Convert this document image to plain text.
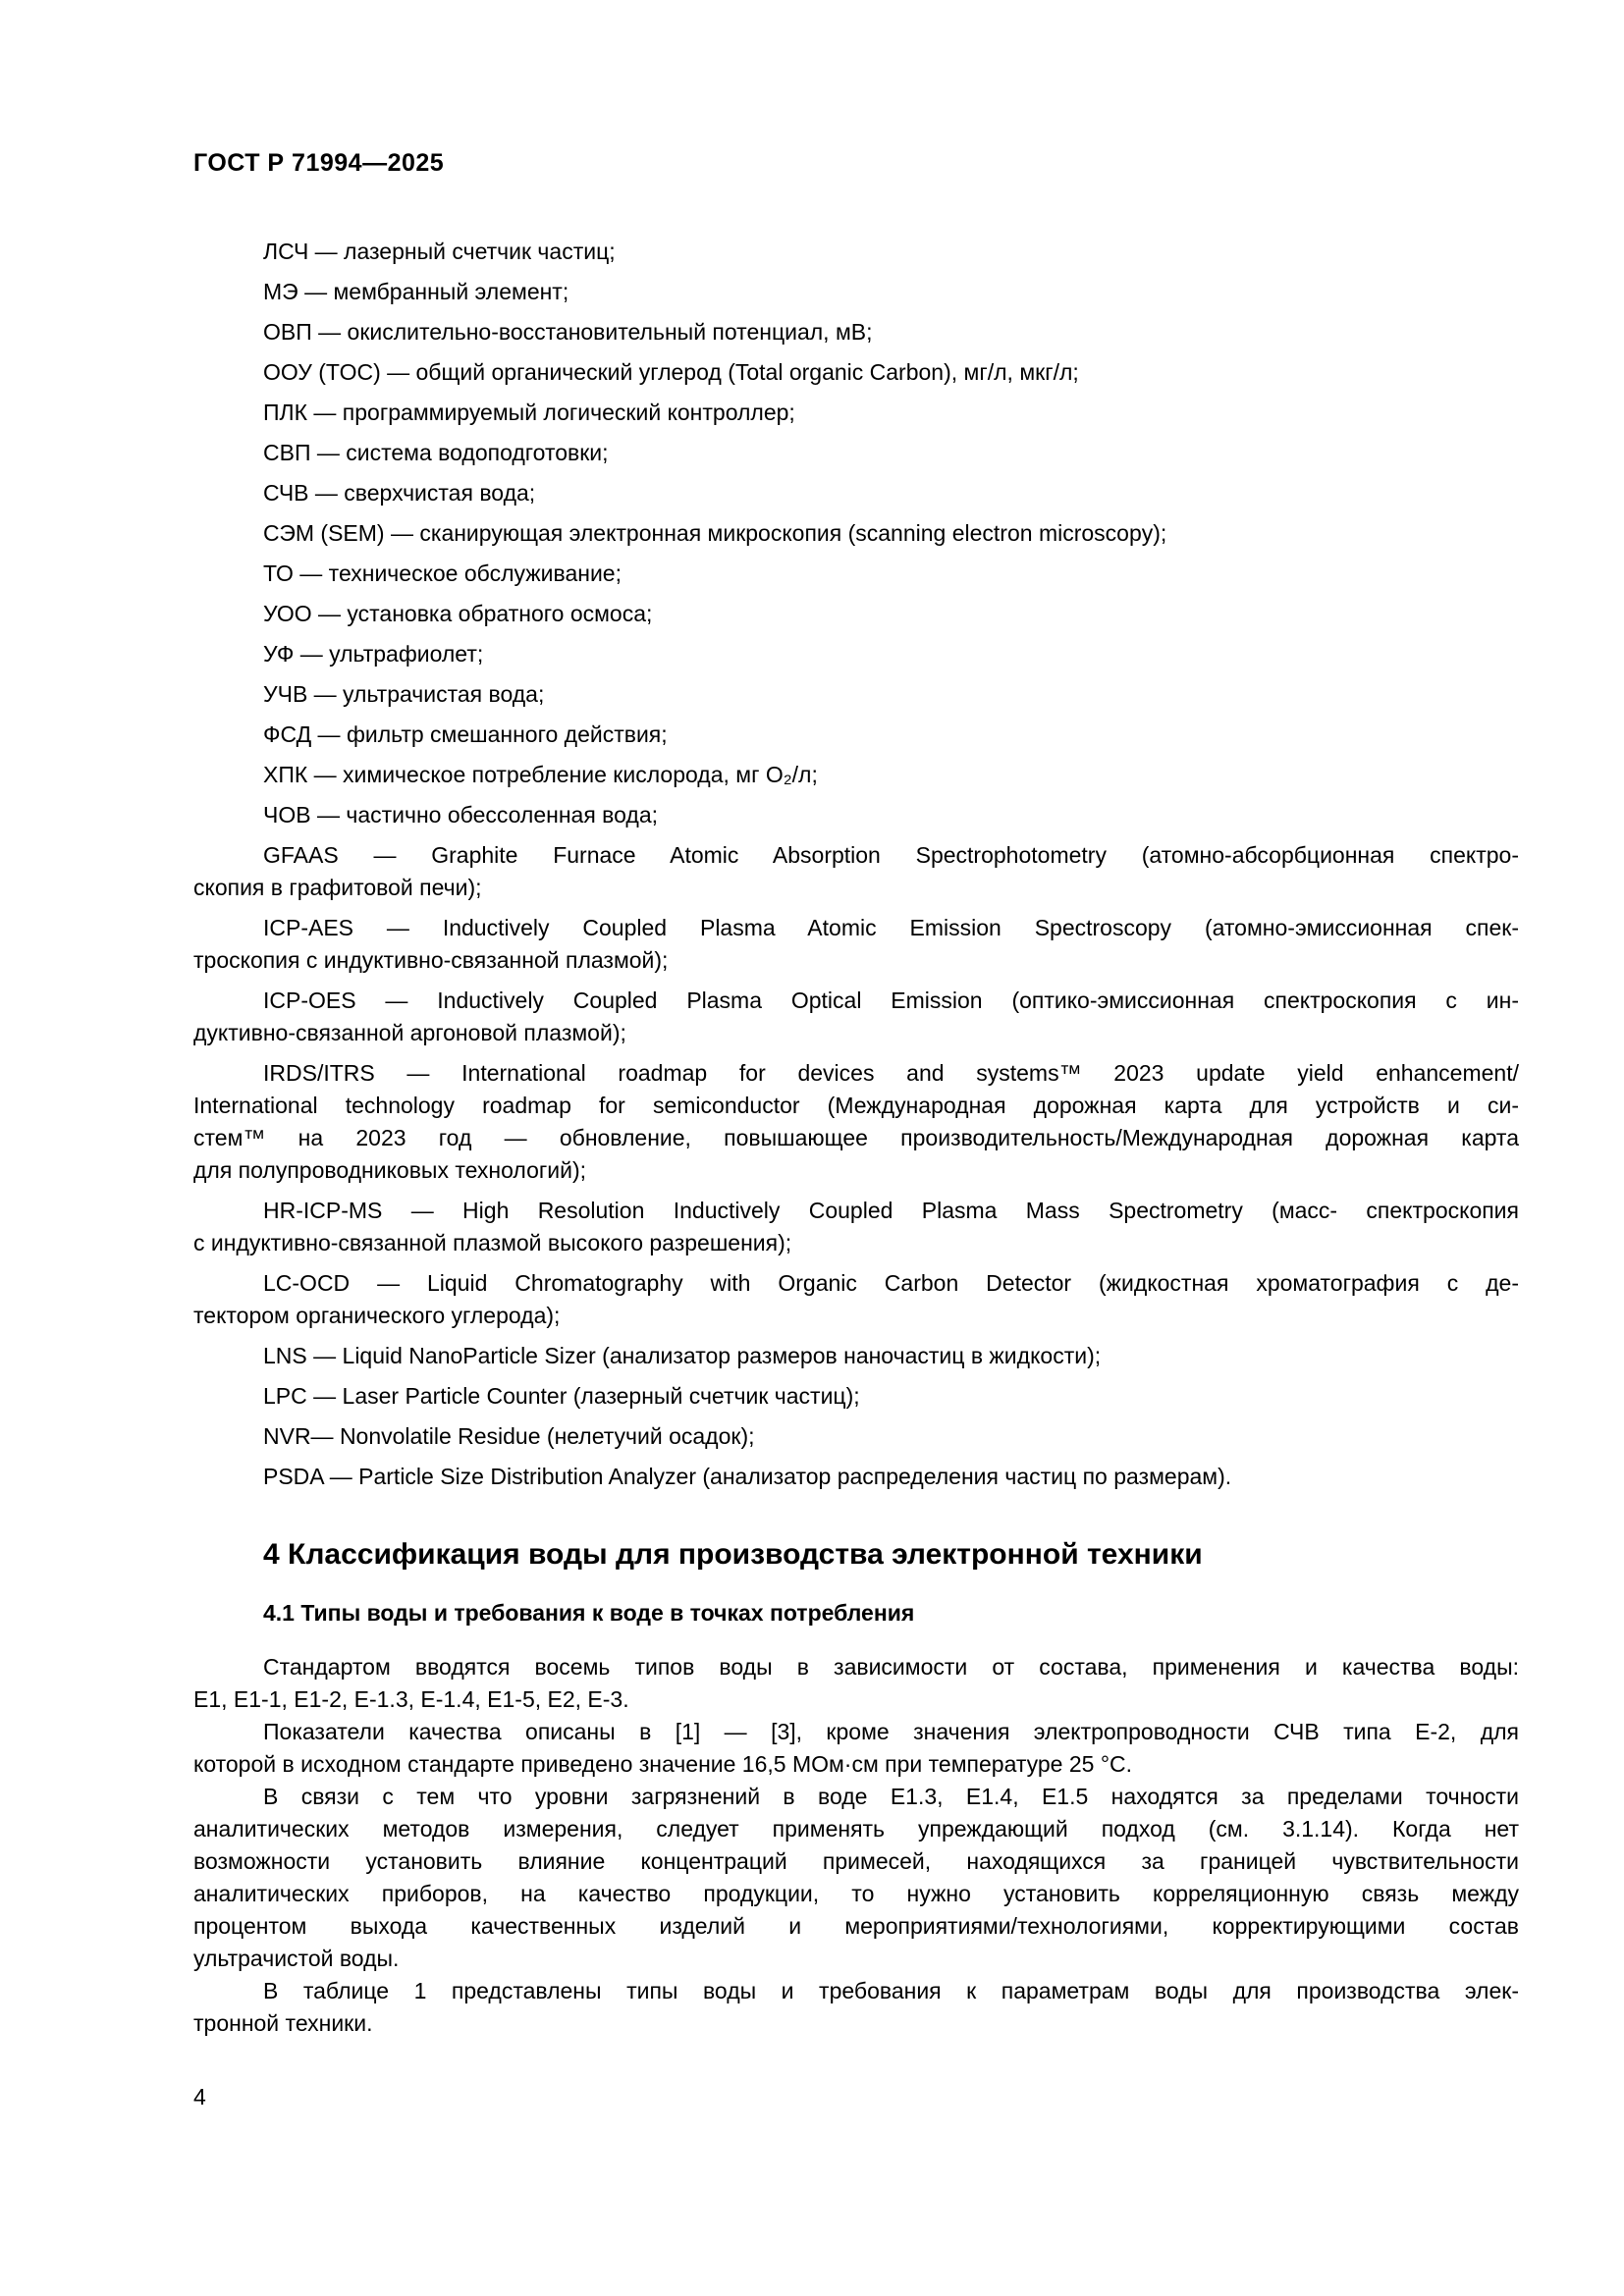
ГОСТ Р 71994—2025

ЛСЧ — лазерный счетчик частиц;

МЭ — мембранный элемент;

ОВП — окислительно-восстановительный потенциал, мВ;

ООУ (TOC) — общий органический углерод (Total organic Carbon), мг/л, мкг/л;

ПЛК — программируемый логический контроллер;

СВП — система водоподготовки;

СЧВ — сверхчистая вода;

СЭМ (SEM) — сканирующая электронная микроскопия (scanning electron microscopy);

ТО — техническое обслуживание;

УОО — установка обратного осмоса;

УФ — ультрафиолет;

УЧВ — ультрачистая вода;

ФСД — фильтр смешанного действия;

ХПК — химическое потребление кислорода, мг О₂/л;

ЧОВ — частично обессоленная вода;

GFAAS — Graphite Furnace Atomic Absorption Spectrophotometry (атомно-абсорбционная спектро-
скопия в графитовой печи);

ICP-AES — Inductively Coupled Plasma Atomic Emission Spectroscopy (атомно-эмиссионная спек-
троскопия с индуктивно-связанной плазмой);

ICP-OES — Inductively Coupled Plasma Optical Emission (оптико-эмиссионная спектроскопия с ин-
дуктивно-связанной аргоновой плазмой);

IRDS/ITRS — International roadmap for devices and systems™ 2023 update yield enhancement/
International technology roadmap for semiconductor (Международная дорожная карта для устройств и си-
стем™ на 2023 год — обновление, повышающее производительность/Международная дорожная карта
для полупроводниковых технологий);

HR-ICP-MS — High Resolution Inductively Coupled Plasma Mass Spectrometry (масс- спектроскопия
с индуктивно-связанной плазмой высокого разрешения);

LC-OCD — Liquid Chromatography with Organic Carbon Detector (жидкостная хроматография с де-
тектором органического углерода);

LNS — Liquid NanoParticle Sizer (анализатор размеров наночастиц в жидкости);

LPC — Laser Particle Counter (лазерный счетчик частиц);

NVR— Nonvolatile Residue (нелетучий осадок);

PSDA — Particle Size Distribution Analyzer (анализатор распределения частиц по размерам).

4 Классификация воды для производства электронной техники
4.1 Типы воды и требования к воде в точках потребления

Стандартом вводятся восемь типов воды в зависимости от состава, применения и качества воды:
Е1, Е1-1, Е1-2, Е-1.3, Е-1.4, Е1-5, Е2, Е-3.

Показатели качества описаны в [1] — [3], кроме значения электропроводности СЧВ типа Е-2, для
которой в исходном стандарте приведено значение 16,5 МОм·см при температуре 25 °С.

В связи с тем что уровни загрязнений в воде Е1.3, Е1.4, Е1.5 находятся за пределами точности
аналитических методов измерения, следует применять упреждающий подход (см. 3.1.14). Когда нет
возможности установить влияние концентраций примесей, находящихся за границей чувствительности
аналитических приборов, на качество продукции, то нужно установить корреляционную связь между
процентом выхода качественных изделий и мероприятиями/технологиями, корректирующими состав
ультрачистой воды.

В таблице 1 представлены типы воды и требования к параметрам воды для производства элек-
тронной техники.

4
